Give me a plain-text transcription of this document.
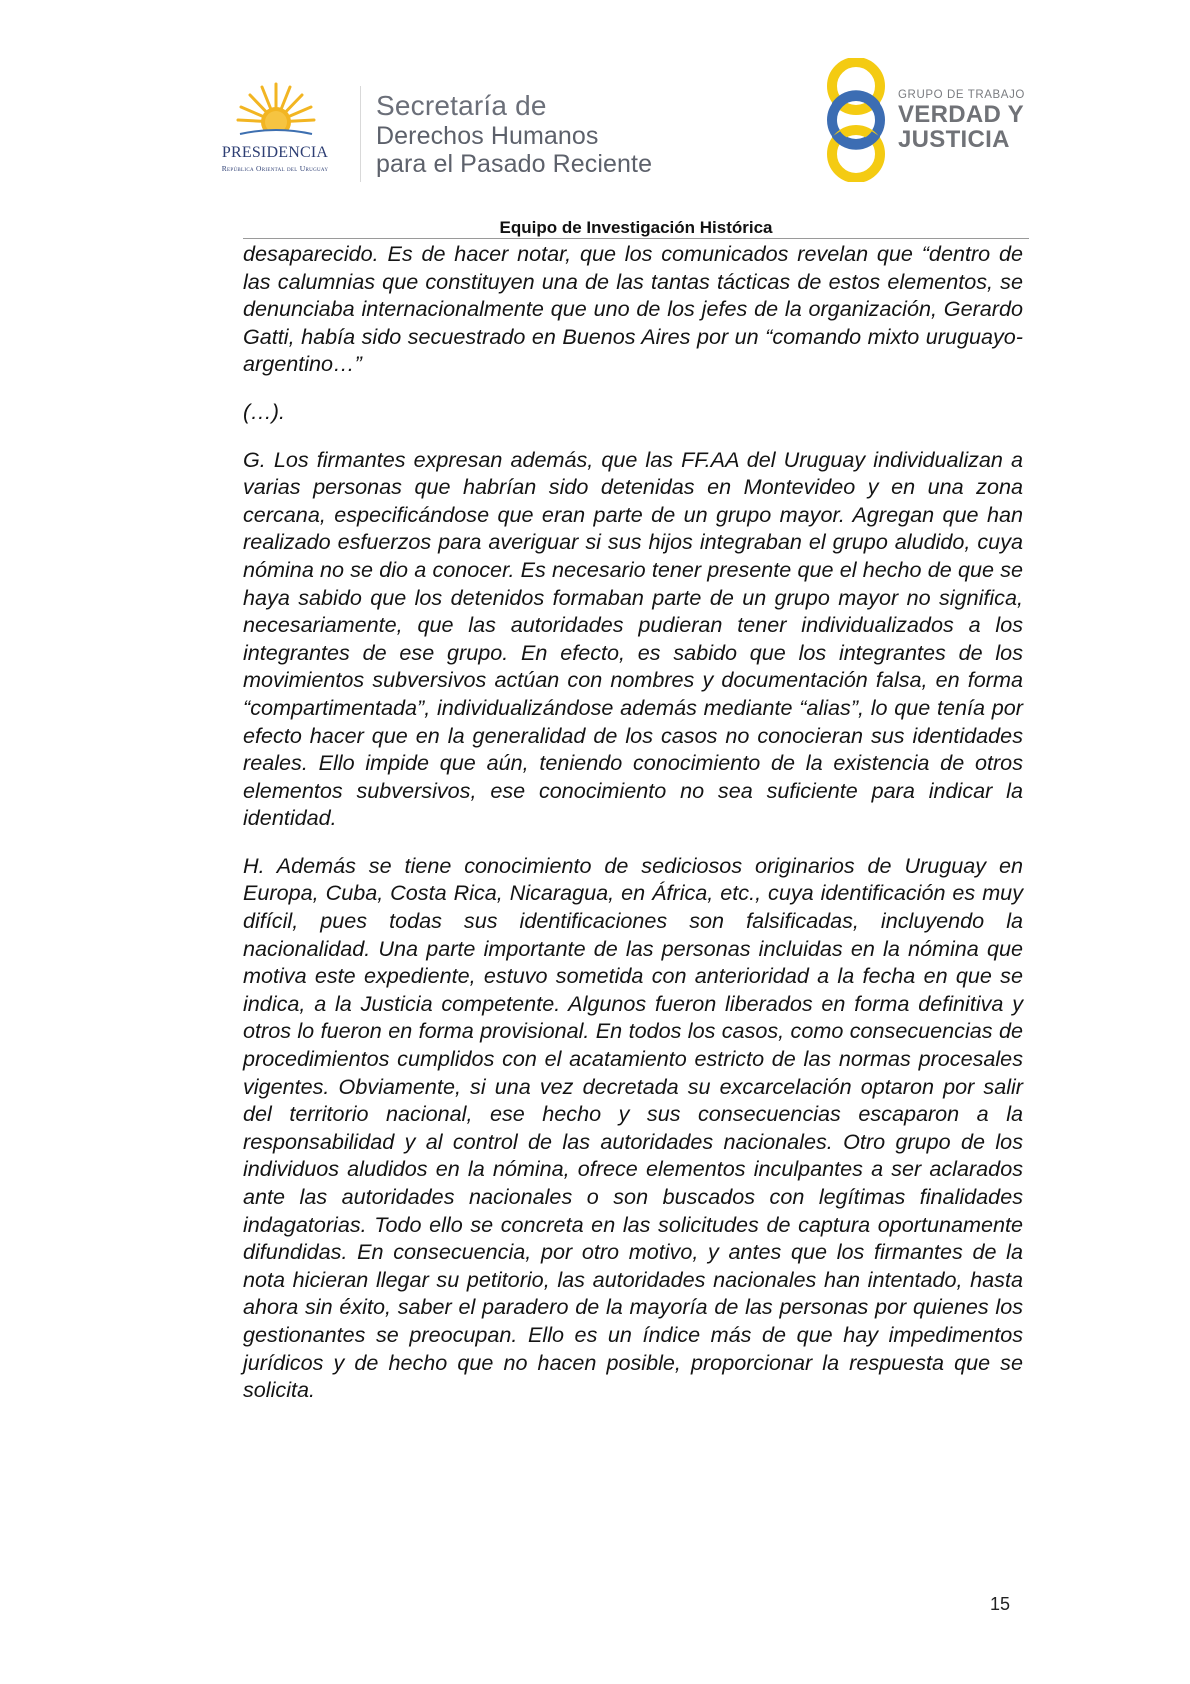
PRESIDENCIA
República Oriental del Uruguay
Secretaría de
Derechos Humanos
para el Pasado Reciente
GRUPO DE TRABAJO
VERDAD Y
JUSTICIA
Equipo de Investigación Histórica

desaparecido. Es de hacer notar, que los comunicados revelan que “dentro de las calumnias que constituyen una de las tantas tácticas de estos elementos, se denunciaba internacionalmente que uno de los jefes de la organización, Gerardo Gatti, había sido secuestrado en Buenos Aires por un “comando mixto uruguayo- argentino…”

(…).

G. Los firmantes expresan además, que las FF.AA del Uruguay individualizan a varias personas que habrían sido detenidas en Montevideo y en una zona cercana, especificándose que eran parte de un grupo mayor. Agregan que han realizado esfuerzos para averiguar si sus hijos integraban el grupo aludido, cuya nómina no se dio a conocer. Es necesario tener presente que el hecho de que se haya sabido que los detenidos formaban parte de un grupo mayor no significa, necesariamente, que las autoridades pudieran tener individualizados a los integrantes de ese grupo. En efecto, es sabido que los integrantes de los movimientos subversivos actúan con nombres y documentación falsa, en forma “compartimentada”, individualizándose además mediante “alias”, lo que tenía por efecto hacer que en la generalidad de los casos no conocieran sus identidades reales. Ello impide que aún, teniendo conocimiento de la existencia de otros elementos subversivos, ese conocimiento no sea suficiente para indicar la identidad.

H. Además se tiene conocimiento de sediciosos originarios de Uruguay en Europa, Cuba, Costa Rica, Nicaragua, en África, etc., cuya identificación es muy difícil, pues todas sus identificaciones son falsificadas, incluyendo la nacionalidad. Una parte importante de las personas incluidas en la nómina que motiva este expediente, estuvo sometida con anterioridad a la fecha en que se indica, a la Justicia competente. Algunos fueron liberados en forma definitiva y otros lo fueron en forma provisional. En todos los casos, como consecuencias de procedimientos cumplidos con el acatamiento estricto de las normas procesales vigentes. Obviamente, si una vez decretada su excarcelación optaron por salir del territorio nacional, ese hecho y sus consecuencias escaparon a la responsabilidad y al control de las autoridades nacionales. Otro grupo de los individuos aludidos en la nómina, ofrece elementos inculpantes a ser aclarados ante las autoridades nacionales o son buscados con legítimas finalidades indagatorias. Todo ello se concreta en las solicitudes de captura oportunamente difundidas. En consecuencia, por otro motivo, y antes que los firmantes de la nota hicieran llegar su petitorio, las autoridades nacionales han intentado, hasta ahora sin éxito, saber el paradero de la mayoría de las personas por quienes los gestionantes se preocupan. Ello es un índice más de que hay impedimentos jurídicos y de hecho que no hacen posible, proporcionar la respuesta que se solicita.

15
